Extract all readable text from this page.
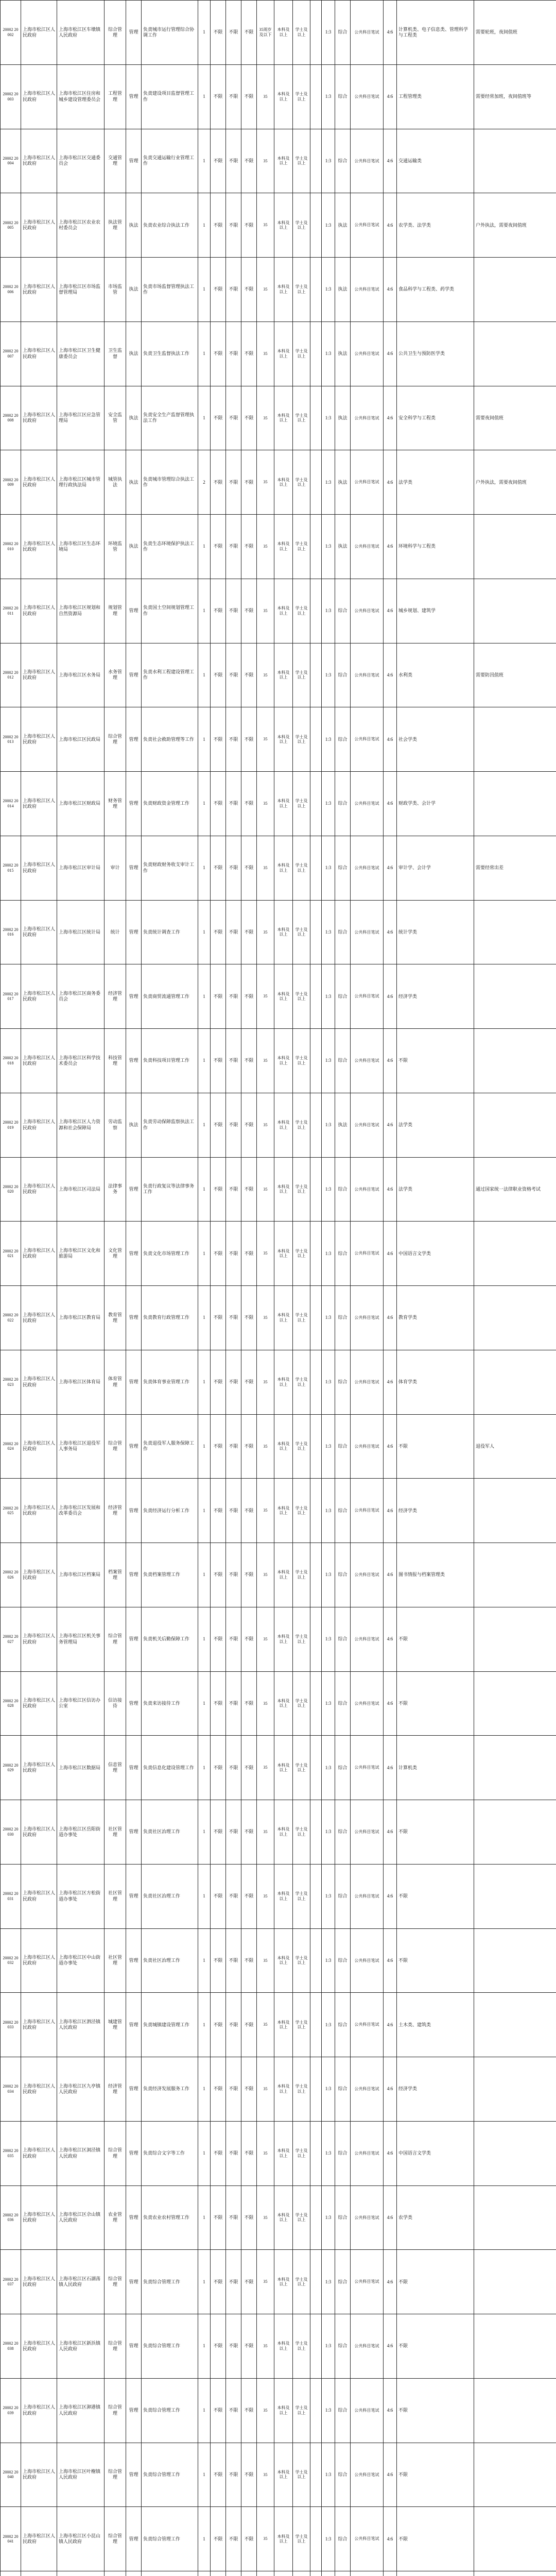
20002 20002	上海市松江区人民政府	上海市松江区车墩镇人民政府	综合管理	管理	负责城市运行管理综合协调工作	1	不限	不限	不限	35周岁及以下	本科及以上	学士及以上		1:3	综合	公共科目笔试	4:6	计算机类、电子信息类、管理科学与工程类	需要轮班，夜间值班
20002 20003	上海市松江区人民政府	上海市松江区住房和城乡建设管理委员会	工程管理	管理	负责建设项目监督管理工作	1	不限	不限	不限	35	本科及以上	学士及以上		1:3	综合	公共科目笔试	4:6	工程管理类	需要经常加班，夜间值班等
20002 20004	上海市松江区人民政府	上海市松江区交通委员会	交通管理	管理	负责交通运输行业管理工作	1	不限	不限	不限	35	本科及以上	学士及以上		1:3	综合	公共科目笔试	4:6	交通运输类	
20002 20005	上海市松江区人民政府	上海市松江区农业农村委员会	执法管理	执法	负责农业综合执法工作	1	不限	不限	不限	35	本科及以上	学士及以上		1:3	执法	公共科目笔试	4:6	农学类、法学类	户外执法，需要夜间值班
20002 20006	上海市松江区人民政府	上海市松江区市场监督管理局	市场监管	执法	负责市场监督管理执法工作	1	不限	不限	不限	35	本科及以上	学士及以上		1:3	执法	公共科目笔试	4:6	食品科学与工程类、药学类	
20002 20007	上海市松江区人民政府	上海市松江区卫生健康委员会	卫生监督	执法	负责卫生监督执法工作	1	不限	不限	不限	35	本科及以上	学士及以上		1:3	执法	公共科目笔试	4:6	公共卫生与预防医学类	
20002 20008	上海市松江区人民政府	上海市松江区应急管理局	安全监管	执法	负责安全生产监督管理执法工作	1	不限	不限	不限	35	本科及以上	学士及以上		1:3	执法	公共科目笔试	4:6	安全科学与工程类	需要夜间值班
20002 20009	上海市松江区人民政府	上海市松江区城市管理行政执法局	城管执法	执法	负责城市管理综合执法工作	2	不限	不限	不限	35	本科及以上	学士及以上		1:3	执法	公共科目笔试	4:6	法学类	户外执法，需要夜间值班
20002 20010	上海市松江区人民政府	上海市松江区生态环境局	环境监管	执法	负责生态环境保护执法工作	1	不限	不限	不限	35	本科及以上	学士及以上		1:3	执法	公共科目笔试	4:6	环境科学与工程类	
20002 20011	上海市松江区人民政府	上海市松江区规划和自然资源局	规划管理	管理	负责国土空间规划管理工作	1	不限	不限	不限	35	本科及以上	学士及以上		1:3	综合	公共科目笔试	4:6	城乡规划、建筑学	
20002 20012	上海市松江区人民政府	上海市松江区水务局	水务管理	管理	负责水利工程建设管理工作	1	不限	不限	不限	35	本科及以上	学士及以上		1:3	综合	公共科目笔试	4:6	水利类	需要防汛值班
20002 20013	上海市松江区人民政府	上海市松江区民政局	综合管理	管理	负责社会救助管理等工作	1	不限	不限	不限	35	本科及以上	学士及以上		1:3	综合	公共科目笔试	4:6	社会学类	
20002 20014	上海市松江区人民政府	上海市松江区财政局	财务管理	管理	负责财政资金管理工作	1	不限	不限	不限	35	本科及以上	学士及以上		1:3	综合	公共科目笔试	4:6	财政学类、会计学	
20002 20015	上海市松江区人民政府	上海市松江区审计局	审计	管理	负责财政财务收支审计工作	1	不限	不限	不限	35	本科及以上	学士及以上		1:3	综合	公共科目笔试	4:6	审计学、会计学	需要经常出差
20002 20016	上海市松江区人民政府	上海市松江区统计局	统计	管理	负责统计调查工作	1	不限	不限	不限	35	本科及以上	学士及以上		1:3	综合	公共科目笔试	4:6	统计学类	
20002 20017	上海市松江区人民政府	上海市松江区商务委员会	经济管理	管理	负责商贸流通管理工作	1	不限	不限	不限	35	本科及以上	学士及以上		1:3	综合	公共科目笔试	4:6	经济学类	
20002 20018	上海市松江区人民政府	上海市松江区科学技术委员会	科技管理	管理	负责科技项目管理工作	1	不限	不限	不限	35	本科及以上	学士及以上		1:3	综合	公共科目笔试	4:6	不限	
20002 20019	上海市松江区人民政府	上海市松江区人力资源和社会保障局	劳动监察	执法	负责劳动保障监察执法工作	1	不限	不限	不限	35	本科及以上	学士及以上		1:3	执法	公共科目笔试	4:6	法学类	
20002 20020	上海市松江区人民政府	上海市松江区司法局	法律事务	管理	负责行政复议等法律事务工作	1	不限	不限	不限	35	本科及以上	学士及以上		1:3	综合	公共科目笔试	4:6	法学类	通过国家统一法律职业资格考试
20002 20021	上海市松江区人民政府	上海市松江区文化和旅游局	文化管理	管理	负责文化市场管理工作	1	不限	不限	不限	35	本科及以上	学士及以上		1:3	综合	公共科目笔试	4:6	中国语言文学类	
20002 20022	上海市松江区人民政府	上海市松江区教育局	教育管理	管理	负责教育行政管理工作	1	不限	不限	不限	35	本科及以上	学士及以上		1:3	综合	公共科目笔试	4:6	教育学类	
20002 20023	上海市松江区人民政府	上海市松江区体育局	体育管理	管理	负责体育事业管理工作	1	不限	不限	不限	35	本科及以上	学士及以上		1:3	综合	公共科目笔试	4:6	体育学类	
20002 20024	上海市松江区人民政府	上海市松江区退役军人事务局	综合管理	管理	负责退役军人服务保障工作	1	不限	不限	不限	35	本科及以上	学士及以上		1:3	综合	公共科目笔试	4:6	不限	退役军人
20002 20025	上海市松江区人民政府	上海市松江区发展和改革委员会	经济管理	管理	负责经济运行分析工作	1	不限	不限	不限	35	本科及以上	学士及以上		1:3	综合	公共科目笔试	4:6	经济学类	
20002 20026	上海市松江区人民政府	上海市松江区档案局	档案管理	管理	负责档案管理工作	1	不限	不限	不限	35	本科及以上	学士及以上		1:3	综合	公共科目笔试	4:6	图书情报与档案管理类	
20002 20027	上海市松江区人民政府	上海市松江区机关事务管理局	综合管理	管理	负责机关后勤保障工作	1	不限	不限	不限	35	本科及以上	学士及以上		1:3	综合	公共科目笔试	4:6	不限	
20002 20028	上海市松江区人民政府	上海市松江区信访办公室	信访接待	管理	负责来访接待工作	1	不限	不限	不限	35	本科及以上	学士及以上		1:3	综合	公共科目笔试	4:6	不限	
20002 20029	上海市松江区人民政府	上海市松江区数据局	信息管理	管理	负责信息化建设管理工作	1	不限	不限	不限	35	本科及以上	学士及以上		1:3	综合	公共科目笔试	4:6	计算机类	
20002 20030	上海市松江区人民政府	上海市松江区岳阳街道办事处	社区管理	管理	负责社区治理工作	1	不限	不限	不限	35	本科及以上	学士及以上		1:3	综合	公共科目笔试	4:6	不限	
20002 20031	上海市松江区人民政府	上海市松江区方松街道办事处	社区管理	管理	负责社区治理工作	1	不限	不限	不限	35	本科及以上	学士及以上		1:3	综合	公共科目笔试	4:6	不限	
20002 20032	上海市松江区人民政府	上海市松江区中山街道办事处	社区管理	管理	负责社区治理工作	1	不限	不限	不限	35	本科及以上	学士及以上		1:3	综合	公共科目笔试	4:6	不限	
20002 20033	上海市松江区人民政府	上海市松江区泗泾镇人民政府	城建管理	管理	负责城镇建设管理工作	1	不限	不限	不限	35	本科及以上	学士及以上		1:3	综合	公共科目笔试	4:6	土木类、建筑类	
20002 20034	上海市松江区人民政府	上海市松江区九亭镇人民政府	经济管理	管理	负责经济发展服务工作	1	不限	不限	不限	35	本科及以上	学士及以上		1:3	综合	公共科目笔试	4:6	经济学类	
20002 20035	上海市松江区人民政府	上海市松江区洞泾镇人民政府	综合管理	管理	负责综合文字等工作	1	不限	不限	不限	35	本科及以上	学士及以上		1:3	综合	公共科目笔试	4:6	中国语言文学类	
20002 20036	上海市松江区人民政府	上海市松江区佘山镇人民政府	农业管理	管理	负责农业农村管理工作	1	不限	不限	不限	35	本科及以上	学士及以上		1:3	综合	公共科目笔试	4:6	农学类	
20002 20037	上海市松江区人民政府	上海市松江区石湖荡镇人民政府	综合管理	管理	负责综合管理工作	1	不限	不限	不限	35	本科及以上	学士及以上		1:3	综合	公共科目笔试	4:6	不限	
20002 20038	上海市松江区人民政府	上海市松江区新浜镇人民政府	综合管理	管理	负责综合管理工作	1	不限	不限	不限	35	本科及以上	学士及以上		1:3	综合	公共科目笔试	4:6	不限	
20002 20039	上海市松江区人民政府	上海市松江区泖港镇人民政府	综合管理	管理	负责综合管理工作	1	不限	不限	不限	35	本科及以上	学士及以上		1:3	综合	公共科目笔试	4:6	不限	
20002 20040	上海市松江区人民政府	上海市松江区叶榭镇人民政府	综合管理	管理	负责综合管理工作	1	不限	不限	不限	35	本科及以上	学士及以上		1:3	综合	公共科目笔试	4:6	不限	
20002 20041	上海市松江区人民政府	上海市松江区小昆山镇人民政府	综合管理	管理	负责综合管理工作	1	不限	不限	不限	35	本科及以上	学士及以上		1:3	综合	公共科目笔试	4:6	不限	
